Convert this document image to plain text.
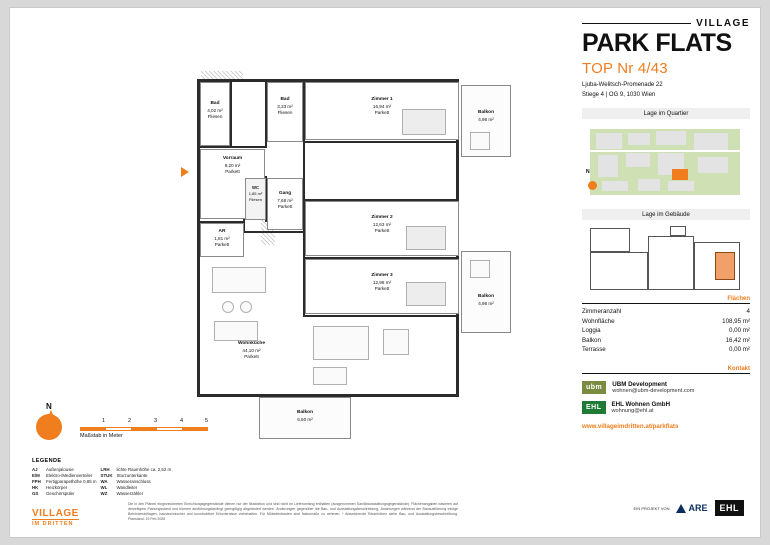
Bad
4,02 m²
Fliesen
Bad
3,33 m²
Fliesen
Zimmer 1
16,94 m²
Parkett
Vorraum
9,20 m²
Parkett
WC
1,85 m²
Fliesen
AR
1,81 m²
Parkett
Gang
7,68 m²
Parkett
Zimmer 2
12,63 m²
Parkett
Zimmer 3
12,98 m²
Parkett
Wohnküche
44,10 m²
Parkett
Balkon
4,96 m²
Balkon
4,96 m²
Balkon
6,50 m²
N
1	2	3	4	5
Maßstab in Meter
LEGENDE
AJ	Außenjalousie	LRH	lichte Raumhöhe ca. 2,52 m
E/M	Elektro-/Medienverteiler	STUK	Sturzunterkante
FPH	Fertigparapethöhe 0,85 m	WA	Wasseranschluss
HK	Heizkörper	WL	Wandleiter
GS	Geschirrspüler	WZ	Wasserzähler
VILLAGE
IM DRITTEN
Die in den Plänen eingezeichneten Einrichtungsgegenstände dienen nur der Illustration und sind nicht im Lieferumfang enthalten (ausgenommen Sanitärausstattungsgegenstände). Flächenangaben basieren auf derzeitigem Planungsstand und können ausführungsbedingt geringfügig abgeändert werden. Änderungen gegenüber die Bau- und Ausstattungsbeschreibung, Änderungen während der Bauausführung infolge Behördenauflagen, haustechnischer und konstruktiver Erfordernisse vorbehalten. Für Möbeleinbauten sind Naturmaße zu nehmen. * Abweichende Raumhöhen siehe Bau- und Ausstattungsbeschreibung. Planstand: 19 Feb 2026
EIN PROJEKT VON ARE	EHL
VILLAGE
PARK FLATS
TOP Nr 4/43
Ljuba-Welitsch-Promenade 22
Stiege 4 | OG 9, 1030 Wien
Lage im Quartier
N
Lage im Gebäude
Flächen
Zimmeranzahl	4
Wohnfläche	108,95 m²
Loggia	0,00 m²
Balkon	16,42 m²
Terrasse	0,00 m²
Kontakt
ubm	UBM Development
wohnen@ubm-development.com
EHL	EHL Wohnen GmbH
wohnung@ehl.at
www.villageimdritten.at/parkflats
